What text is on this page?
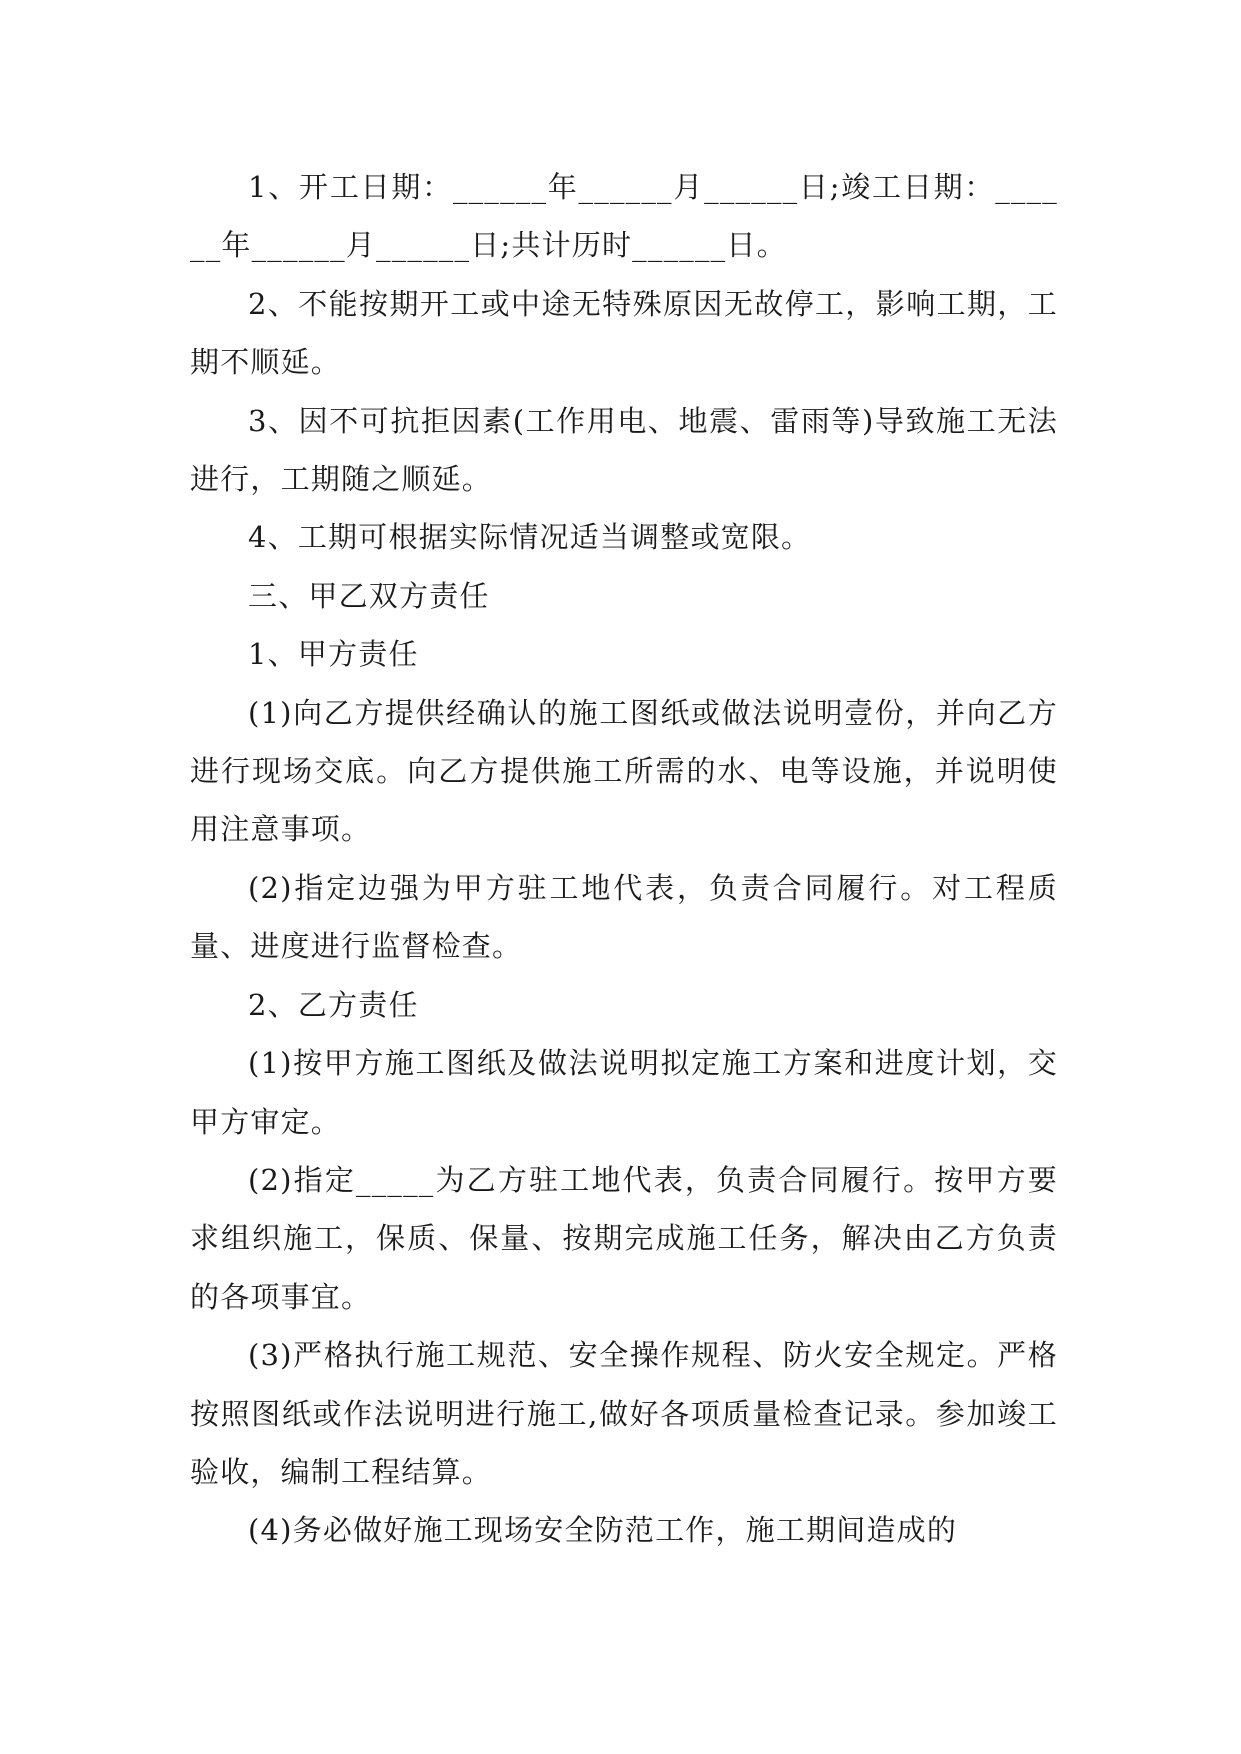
1、开工日期：______年______月______日;竣工日期：______年______月______日;共计历时______日。

2、不能按期开工或中途无特殊原因无故停工，影响工期，工期不顺延。

3、因不可抗拒因素(工作用电、地震、雷雨等)导致施工无法进行，工期随之顺延。

4、工期可根据实际情况适当调整或宽限。

三、甲乙双方责任

1、甲方责任

(1)向乙方提供经确认的施工图纸或做法说明壹份，并向乙方进行现场交底。向乙方提供施工所需的水、电等设施，并说明使用注意事项。

(2)指定边强为甲方驻工地代表，负责合同履行。对工程质量、进度进行监督检查。

2、乙方责任

(1)按甲方施工图纸及做法说明拟定施工方案和进度计划，交甲方审定。

(2)指定_____为乙方驻工地代表，负责合同履行。按甲方要求组织施工，保质、保量、按期完成施工任务，解决由乙方负责的各项事宜。

(3)严格执行施工规范、安全操作规程、防火安全规定。严格按照图纸或作法说明进行施工,做好各项质量检查记录。参加竣工验收，编制工程结算。

(4)务必做好施工现场安全防范工作，施工期间造成的
